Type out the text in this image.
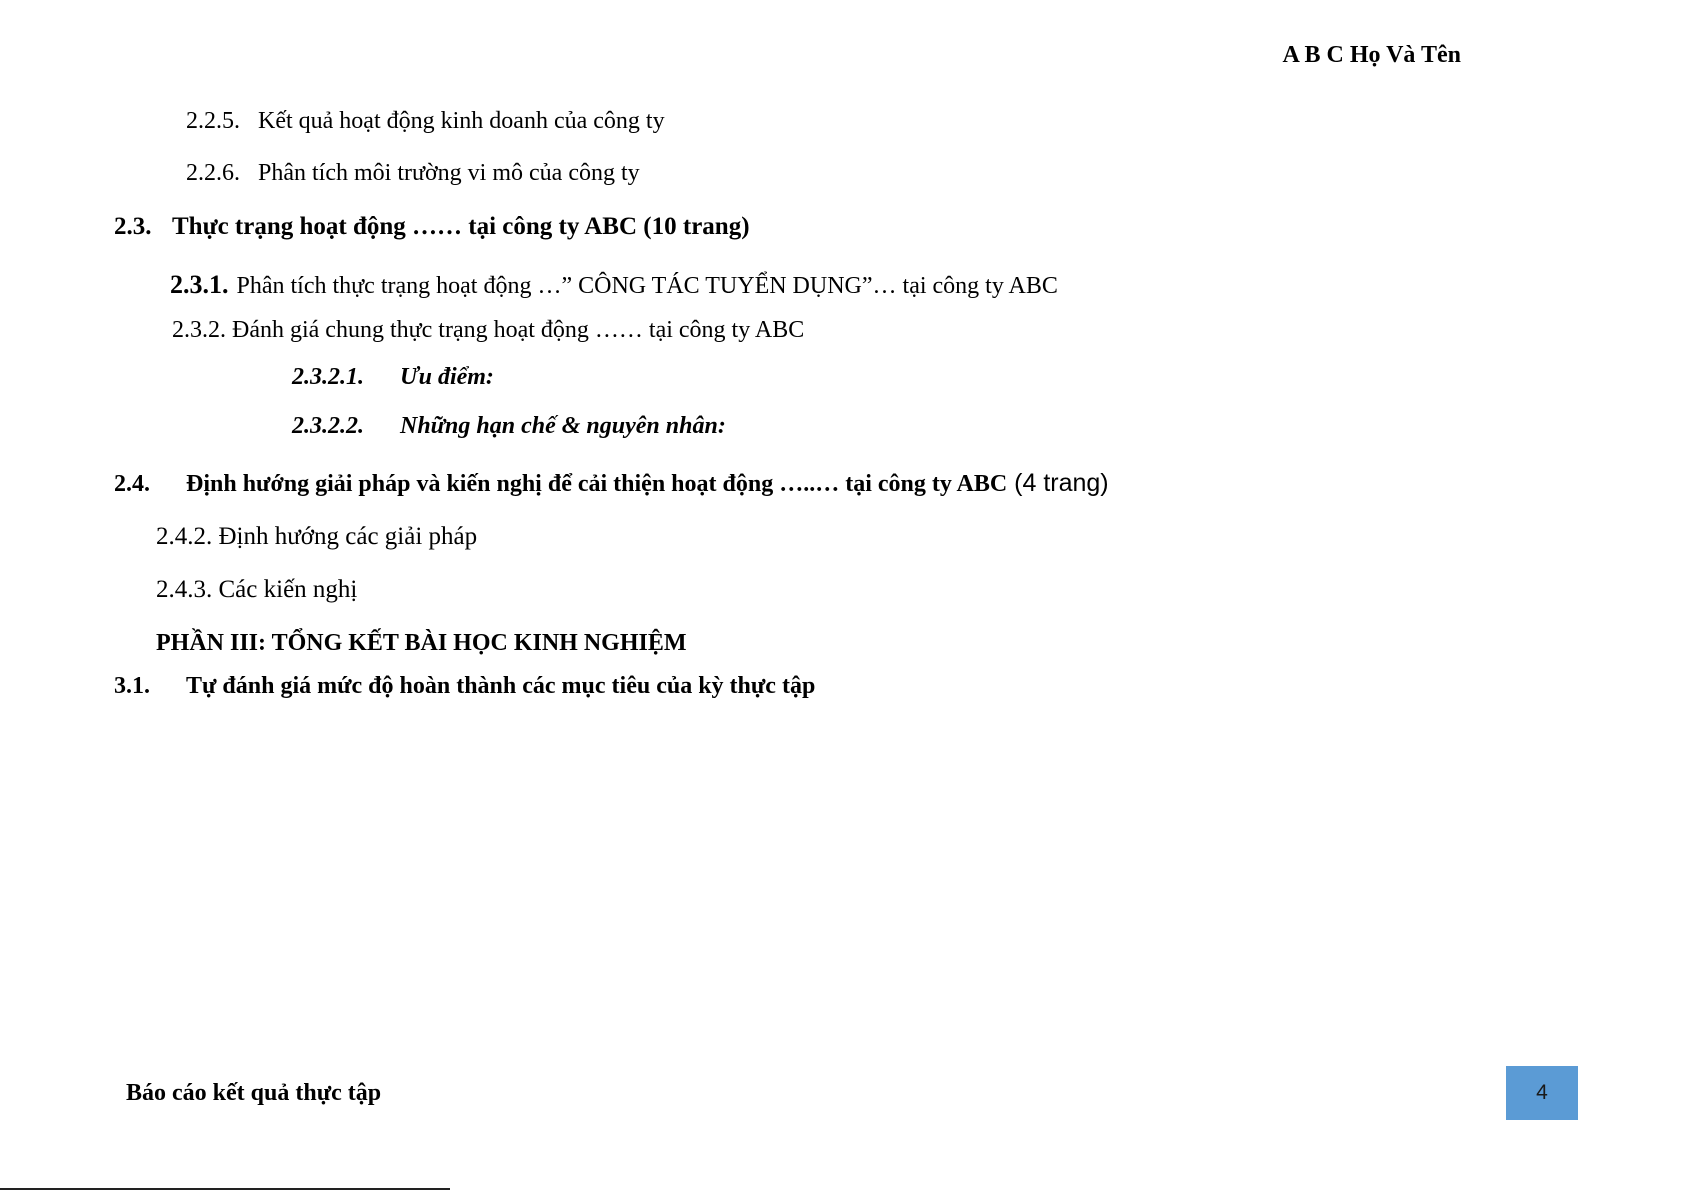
A B C Họ Và Tên
2.2.5. Kết quả hoạt động kinh doanh của công ty
2.2.6. Phân tích môi trường vi mô của công ty
2.3. Thực trạng hoạt động …… tại công ty ABC (10 trang)
2.3.1. Phân tích thực trạng hoạt động …” CÔNG TÁC TUYỂN DỤNG”… tại công ty ABC
2.3.2. Đánh giá chung thực trạng hoạt động …… tại công ty ABC
2.3.2.1. Ưu điểm:
2.3.2.2. Những hạn chế & nguyên nhân:
2.4. Định hướng giải pháp và kiến nghị để cải thiện hoạt động …..… tại công ty ABC (4 trang)
2.4.2. Định hướng các giải pháp
2.4.3. Các kiến nghị
PHẦN III: TỔNG KẾT BÀI HỌC KINH NGHIỆM
3.1. Tự đánh giá mức độ hoàn thành các mục tiêu của kỳ thực tập
Báo cáo kết quả thực tập	4
